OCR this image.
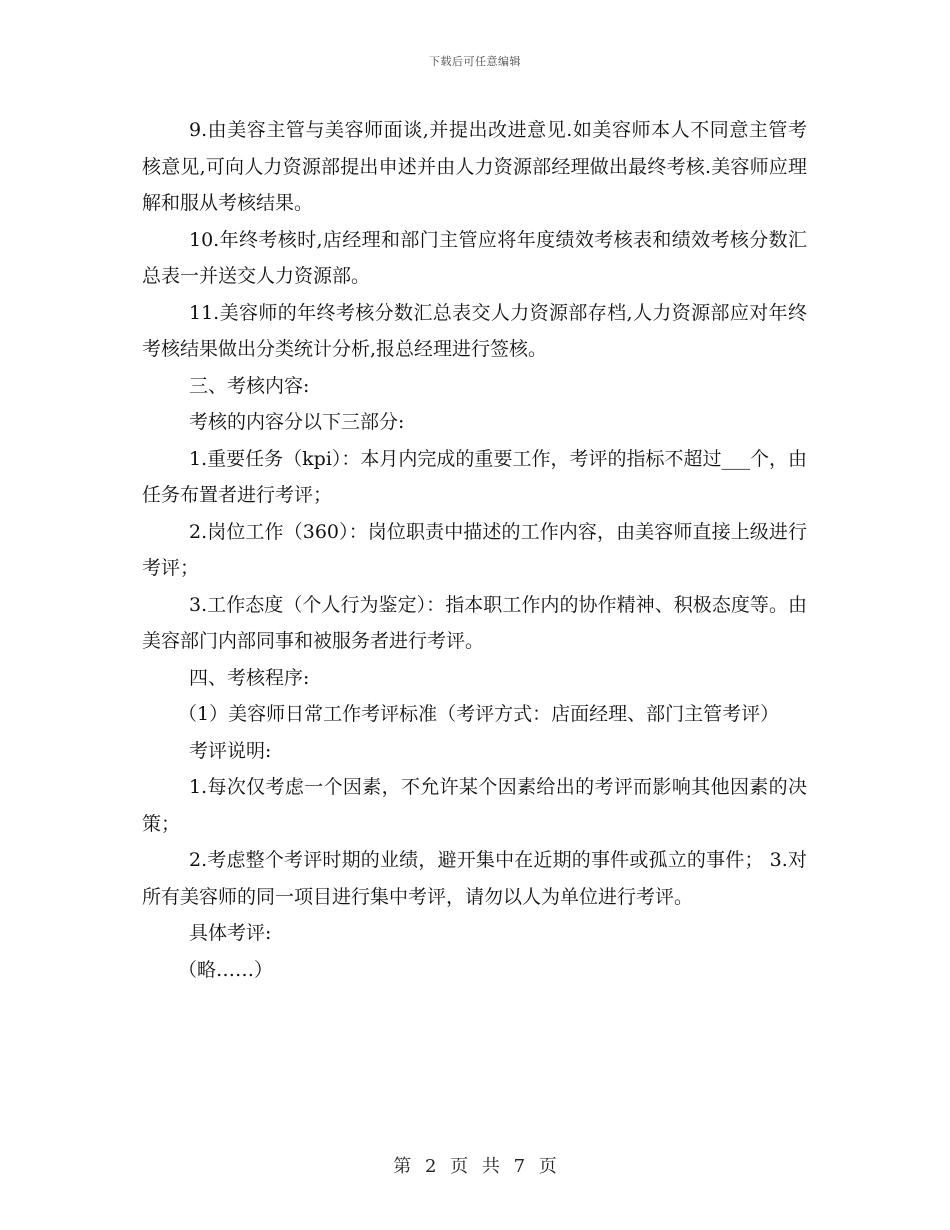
下载后可任意编辑

9.由美容主管与美容师面谈,并提出改进意见.如美容师本人不同意主管考核意见,可向人力资源部提出申述并由人力资源部经理做出最终考核.美容师应理解和服从考核结果。

10.年终考核时,店经理和部门主管应将年度绩效考核表和绩效考核分数汇总表一并送交人力资源部。

11.美容师的年终考核分数汇总表交人力资源部存档,人力资源部应对年终考核结果做出分类统计分析,报总经理进行签核。

三、考核内容:

考核的内容分以下三部分:

1.重要任务（kpi）：本月内完成的重要工作，考评的指标不超过___个，由任务布置者进行考评；

2.岗位工作（360）：岗位职责中描述的工作内容，由美容师直接上级进行考评；

3.工作态度（个人行为鉴定）：指本职工作内的协作精神、积极态度等。由美容部门内部同事和被服务者进行考评。

四、考核程序:

（1）美容师日常工作考评标准（考评方式：店面经理、部门主管考评）

考评说明:

1.每次仅考虑一个因素，不允许某个因素给出的考评而影响其他因素的决策；

2.考虑整个考评时期的业绩，避开集中在近期的事件或孤立的事件； 3.对所有美容师的同一项目进行集中考评，请勿以人为单位进行考评。

具体考评:

（略……）

第 2 页 共 7 页
